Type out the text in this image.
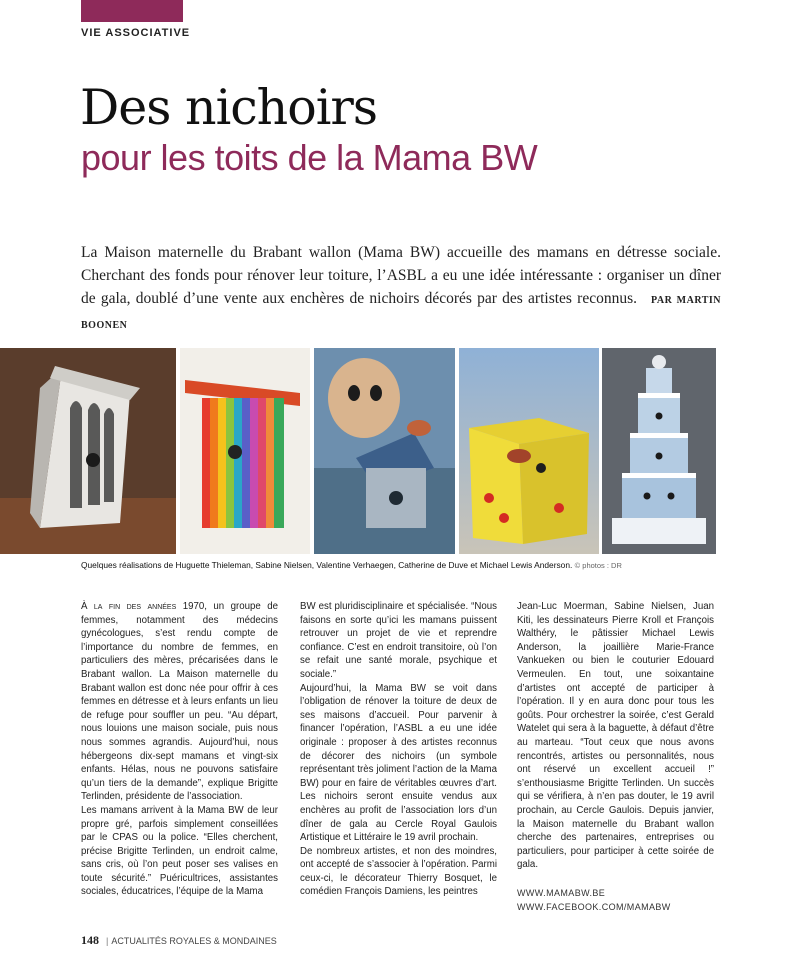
VIE ASSOCIATIVE
Des nichoirs
pour les toits de la Mama BW
La Maison maternelle du Brabant wallon (Mama BW) accueille des mamans en détresse sociale. Cherchant des fonds pour rénover leur toiture, l’ASBL a eu une idée intéressante : organiser un dîner de gala, doublé d’une vente aux enchères de nichoirs décorés par des artistes reconnus. PAR MARTIN BOONEN
Quelques réalisations de Huguette Thieleman, Sabine Nielsen, Valentine Verhaegen, Catherine de Duve et Michael Lewis Anderson. © photos : DR

À la fin des années 1970, un groupe de femmes, notamment des médecins gynécologues, s’est rendu compte de l’importance du nombre de femmes, en particuliers des mères, précarisées dans le Brabant wallon. La Maison maternelle du Brabant wallon est donc née pour offrir à ces femmes en détresse et à leurs enfants un lieu de refuge pour souffler un peu. “Au départ, nous louions une maison sociale, puis nous nous sommes agrandis. Aujourd’hui, nous hébergeons dix-sept mamans et vingt-six enfants. Hélas, nous ne pouvons satisfaire qu’un tiers de la demande”, explique Brigitte Terlinden, présidente de l’association.

Les mamans arrivent à la Mama BW de leur propre gré, parfois simplement conseillées par le CPAS ou la police. “Elles cherchent, précise Brigitte Terlinden, un endroit calme, sans cris, où l’on peut poser ses valises en toute sécurité.” Puéricultrices, assistantes sociales, éducatrices, l’équipe de la Mama

BW est pluridisciplinaire et spécialisée. “Nous faisons en sorte qu’ici les mamans puissent retrouver un projet de vie et reprendre confiance. C’est en endroit transitoire, où l’on se refait une santé morale, psychique et sociale.”

Aujourd’hui, la Mama BW se voit dans l’obligation de rénover la toiture de deux de ses maisons d’accueil. Pour parvenir à financer l’opération, l’ASBL a eu une idée originale : proposer à des artistes reconnus de décorer des nichoirs (un symbole représentant très joliment l’action de la Mama BW) pour en faire de véritables œuvres d’art. Les nichoirs seront ensuite vendus aux enchères au profit de l’association lors d’un dîner de gala au Cercle Royal Gaulois Artistique et Littéraire le 19 avril prochain.

De nombreux artistes, et non des moindres, ont accepté de s’associer à l’opération. Parmi ceux-ci, le décorateur Thierry Bosquet, le comédien François Damiens, les peintres

Jean-Luc Moerman, Sabine Nielsen, Juan Kiti, les dessinateurs Pierre Kroll et François Walthéry, le pâtissier Michael Lewis Anderson, la joaillière Marie-France Vankueken ou bien le couturier Edouard Vermeulen. En tout, une soixantaine d’artistes ont accepté de participer à l’opération. Il y en aura donc pour tous les goûts. Pour orchestrer la soirée, c’est Gerald Watelet qui sera à la baguette, à défaut d’être au marteau. “Tout ceux que nous avons rencontrés, artistes ou personnalités, nous ont réservé un excellent accueil !” s’enthousiasme Brigitte Terlinden. Un succès qui se vérifiera, à n’en pas douter, le 19 avril prochain, au Cercle Gaulois. Depuis janvier, la Maison maternelle du Brabant wallon cherche des partenaires, entreprises ou particuliers, pour participer à cette soirée de gala.

WWW.MAMABW.BE
WWW.FACEBOOK.COM/MAMABW
148 | ACTUALITÉS ROYALES & MONDAINES
